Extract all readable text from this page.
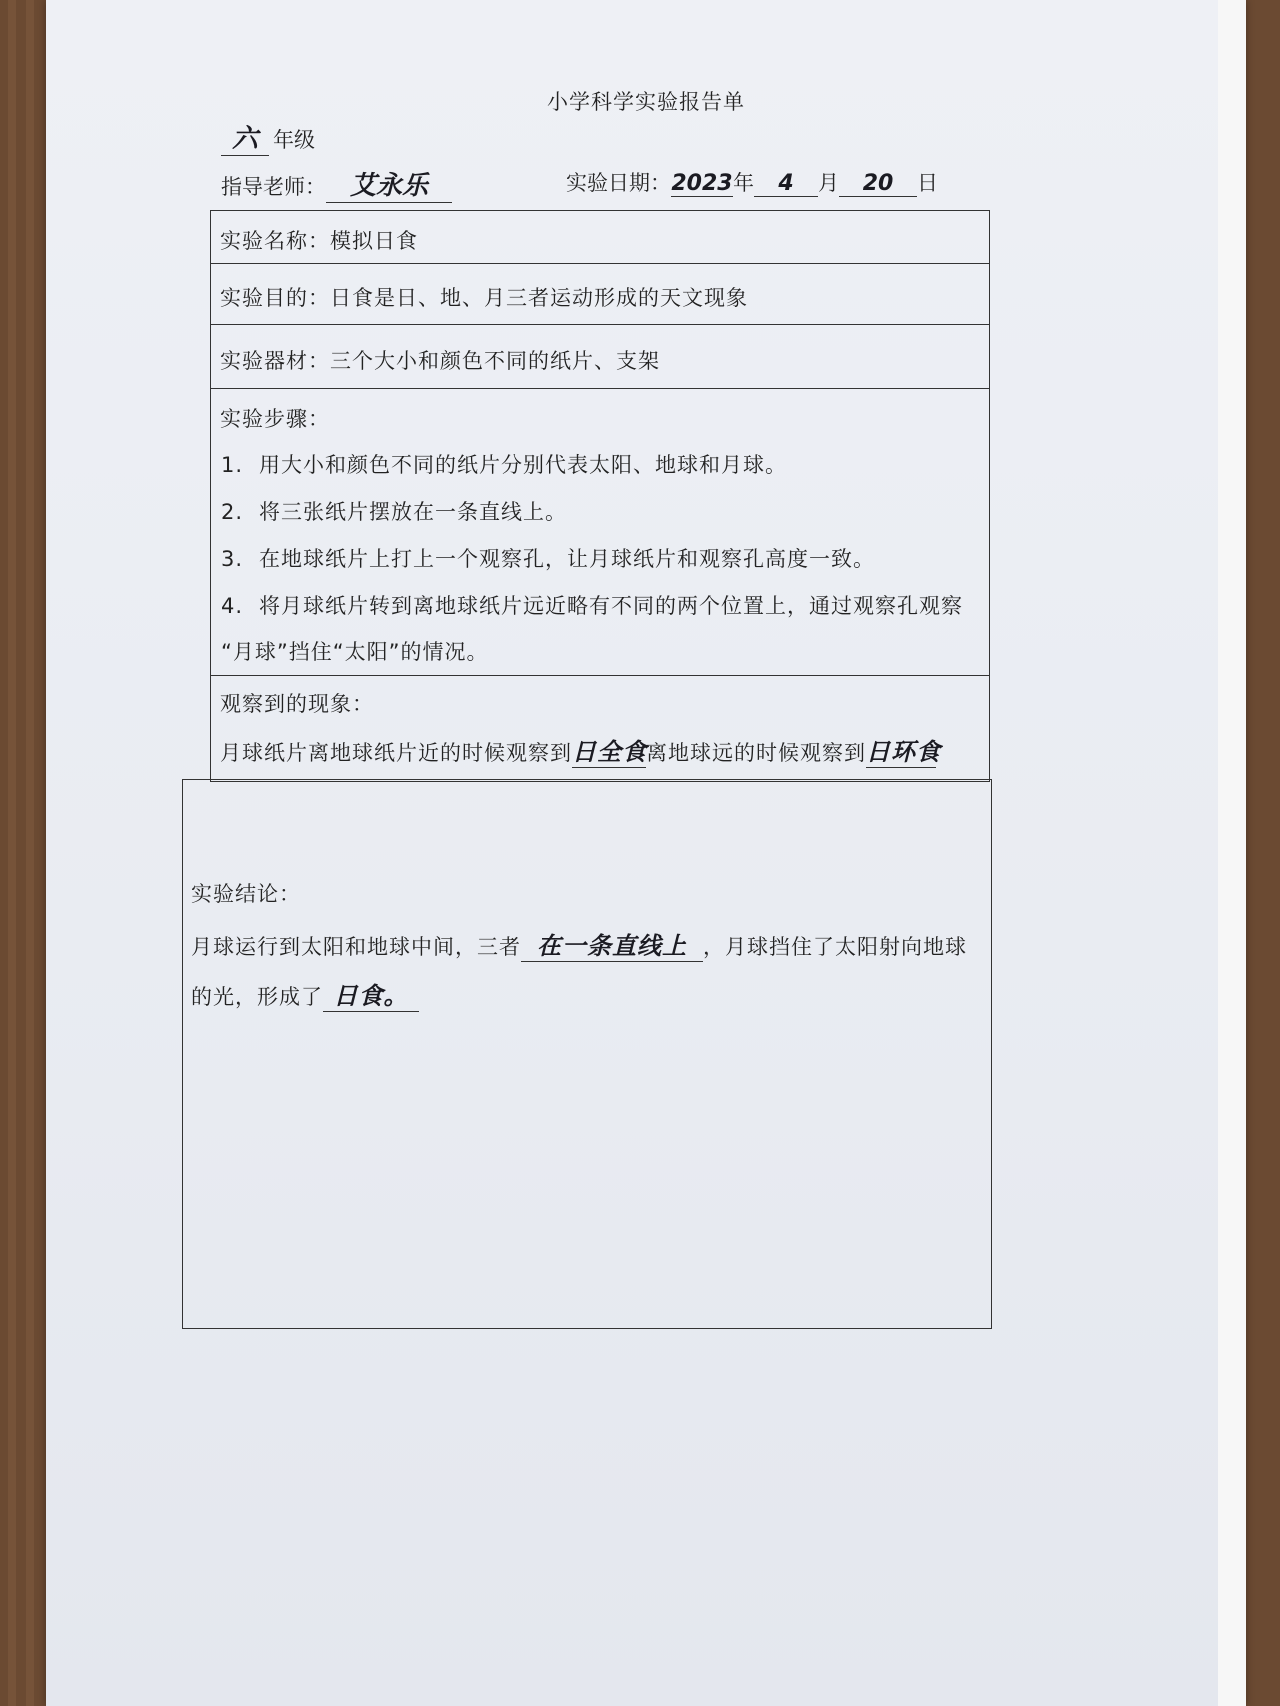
小学科学实验报告单
六 年级
指导老师： 艾永乐	实验日期：2023年 4 月 20 日
实验名称：模拟日食
实验目的：日食是日、地、月三者运动形成的天文现象
实验器材：三个大小和颜色不同的纸片、支架
实验步骤：
1. 用大小和颜色不同的纸片分别代表太阳、地球和月球。
2. 将三张纸片摆放在一条直线上。
3. 在地球纸片上打上一个观察孔，让月球纸片和观察孔高度一致。
4. 将月球纸片转到离地球纸片远近略有不同的两个位置上，通过观察孔观察
“月球”挡住“太阳”的情况。
观察到的现象：
月球纸片离地球纸片近的时候观察到日全食离地球远的时候观察到日环食
实验结论：
月球运行到太阳和地球中间，三者 在一条直线上 ，月球挡住了太阳射向地球
的光，形成了 日食。
